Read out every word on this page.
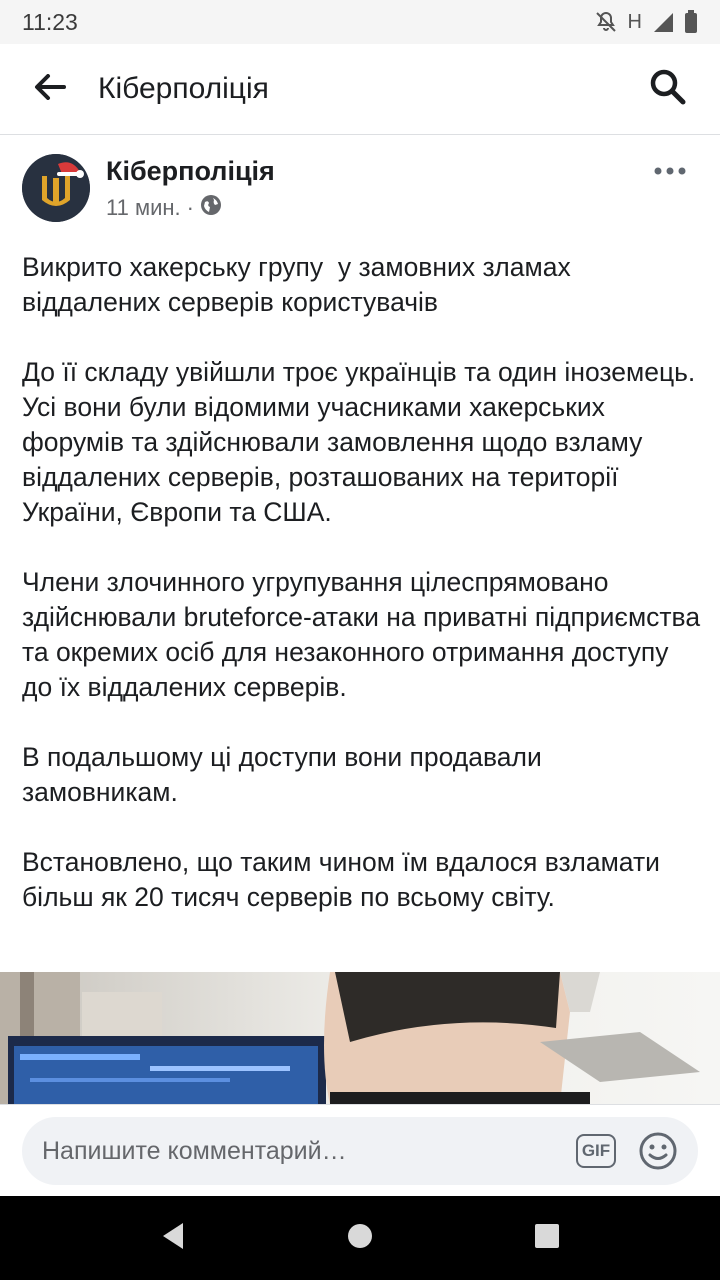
11:23	H
Кіберполіція
Кіберполіція
11 мин. ·

Викрито хакерську групу  у замовних зламах віддалених серверів користувачів

До її складу увійшли троє українців та один іноземець. Усі вони були відомими учасниками хакерських форумів та здійснювали замовлення щодо взламу віддалених серверів, розташованих на території України, Європи та США.

Члени злочинного угрупування цілеспрямовано здійснювали bruteforce-атаки на приватні підприємства та окремих осіб для незаконного отримання доступу до їх віддалених серверів.

В подальшому ці доступи вони продавали замовникам.

Встановлено, що таким чином їм вдалося взламати більш як 20 тисяч серверів по всьому світу.

Напишите комментарий…	GIF
